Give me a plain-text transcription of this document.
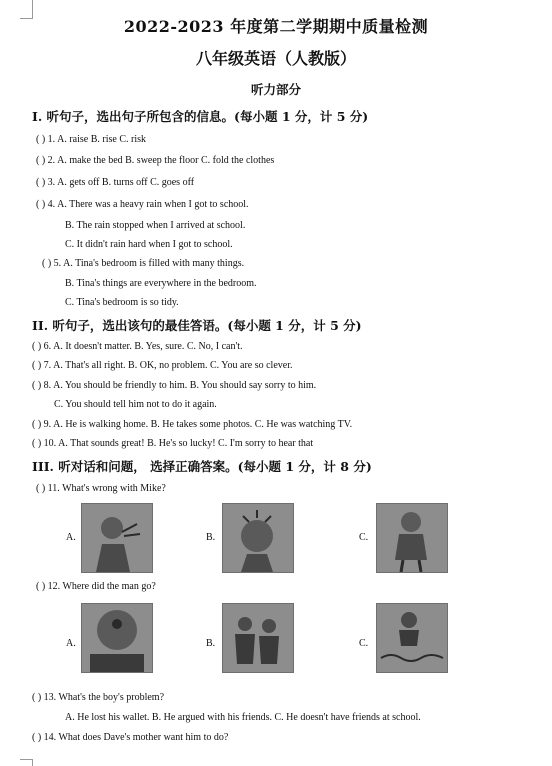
2022-2023 年度第二学期期中质量检测
八年级英语（人教版）
听力部分
I. 听句子，选出句子所包含的信息。(每小题 1 分，计 5 分)
( ) 1. A. raise B. rise C. risk
( ) 2. A. make the bed B. sweep the floor C. fold the clothes
( ) 3. A. gets off B. turns off C. goes off
( ) 4. A. There was a heavy rain when I got to school.
B. The rain stopped when I arrived at school.
C. It didn't rain hard when I got to school.
( ) 5. A. Tina's bedroom is filled with many things.
B. Tina's things are everywhere in the bedroom.
C. Tina's bedroom is so tidy.
II. 听句子，选出该句的最佳答语。(每小题 1 分，计 5 分)
( ) 6. A. It doesn't matter. B. Yes, sure. C. No, I can't.
( ) 7. A. That's all right. B. OK, no problem. C. You are so clever.
( ) 8. A. You should be friendly to him. B. You should say sorry to him.
C. You should tell him not to do it again.
( ) 9. A. He is walking home. B. He takes some photos. C. He was watching TV.
( ) 10. A. That sounds great! B. He's so lucky! C. I'm sorry to hear that
III. 听对话和问题， 选择正确答案。(每小题 1 分，计 8 分)
( ) 11. What's wrong with Mike?
A.	B.	C.
( ) 12. Where did the man go?
A.	B.	C.
( ) 13. What's the boy's problem?
A. He lost his wallet. B. He argued with his friends. C. He doesn't have friends at school.
( ) 14. What does Dave's mother want him to do?
